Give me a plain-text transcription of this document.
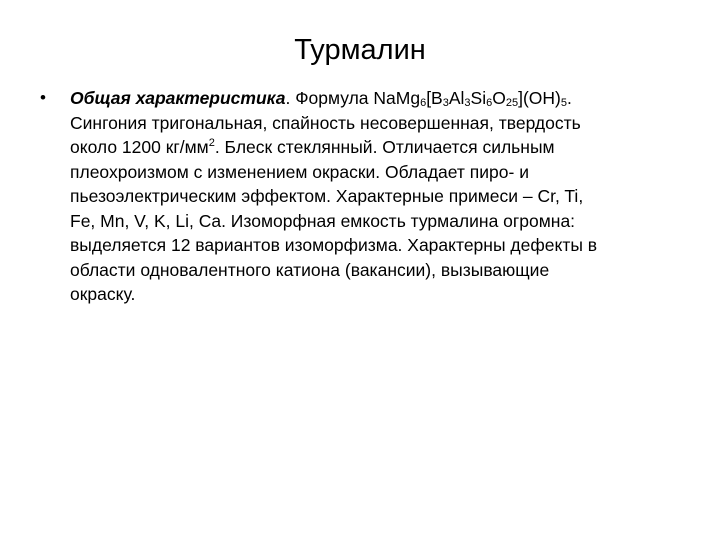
Турмалин
•	Общая характеристика. Формула $NaMg_6[B_3Al_3Si_6O_{25}](OH)_5$.
Сингония тригональная, спайность несовершенная, твердость
около 1200 $кг/мм^2$. Блеск стеклянный. Отличается сильным
плеохроизмом с изменением окраски. Обладает пиро- и
пьезоэлектрическим эффектом. Характерные примеси – Cr, Ti,
Fe, Mn, V, K, Li, Ca. Изоморфная емкость турмалина огромна:
выделяется 12 вариантов изоморфизма. Характерны дефекты в
области одновалентного катиона (вакансии), вызывающие
окраску.
